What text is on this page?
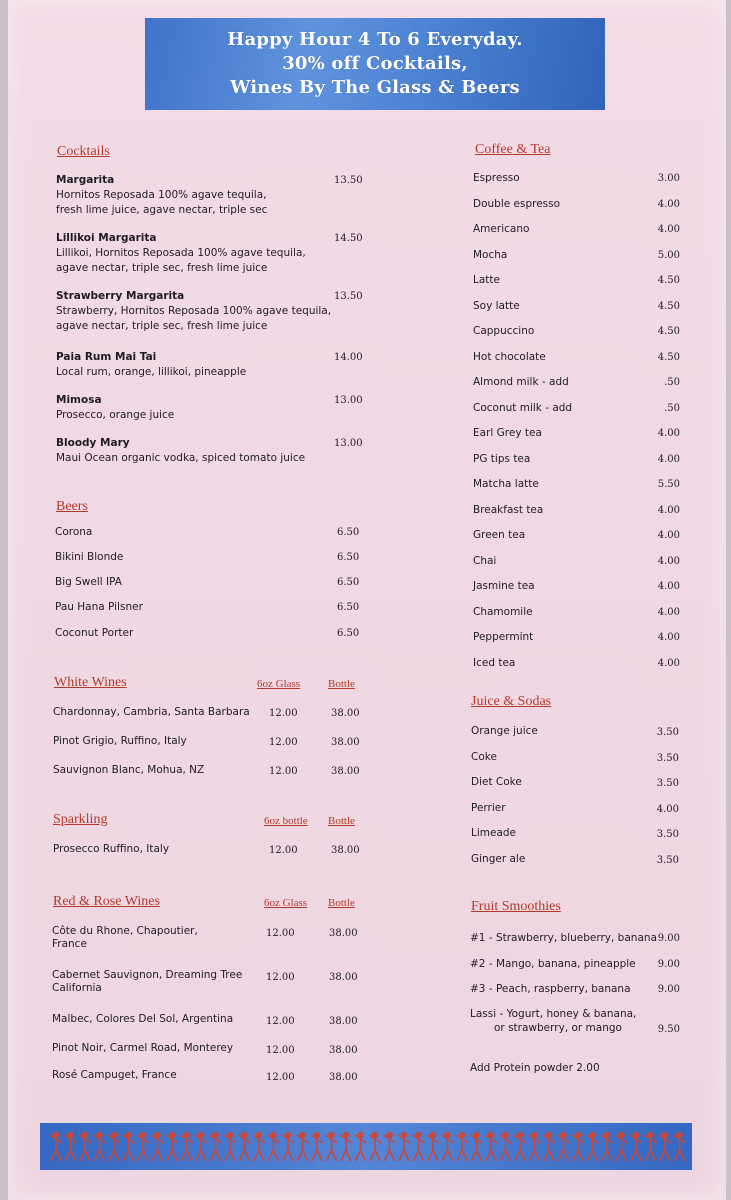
Happy Hour 4 To 6 Everyday.
30% off Cocktails,
Wines By The Glass & Beers
Cocktails
Margarita
Hornitos Reposada 100% agave tequila,
fresh lime juice, agave nectar, triple sec
13.50
Lillikoi Margarita
Lillikoi, Hornitos Reposada 100% agave tequila,
agave nectar, triple sec, fresh lime juice
14.50
Strawberry Margarita
Strawberry, Hornitos Reposada 100% agave tequila,
agave nectar, triple sec, fresh lime juice
13.50
Paia Rum Mai Tai
Local rum, orange, lillikoi, pineapple
14.00
Mimosa
Prosecco, orange juice
13.00
Bloody Mary
Maui Ocean organic vodka, spiced tomato juice
13.00
Beers
Corona	6.50
Bikini Blonde	6.50
Big Swell IPA	6.50
Pau Hana Pilsner	6.50
Coconut Porter	6.50
White Wines	6oz Glass	Bottle
Chardonnay, Cambria, Santa Barbara 12.00	38.00
Pinot Grigio, Ruffino, Italy	12.00	38.00
Sauvignon Blanc, Mohua, NZ	12.00	38.00
Sparkling	6oz bottle Bottle
Prosecco Ruffino, Italy	12.00	38.00
Red & Rose Wines	6oz Glass Bottle
Côte du Rhone, Chapoutier,
France
12.00	38.00
Cabernet Sauvignon, Dreaming Tree
California
12.00	38.00
Malbec, Colores Del Sol, Argentina	12.00	38.00
Pinot Noir, Carmel Road, Monterey	12.00	38.00
Rosé Campuget, France	12.00	38.00
Coffee & Tea
Espresso	3.00
Double espresso	4.00
Americano	4.00
Mocha	5.00
Latte	4.50
Soy latte	4.50
Cappuccino	4.50
Hot chocolate	4.50
Almond milk - add	.50
Coconut milk - add	.50
Earl Grey tea	4.00
PG tips tea	4.00
Matcha latte	5.50
Breakfast tea	4.00
Green tea	4.00
Chai	4.00
Jasmine tea	4.00
Chamomile	4.00
Peppermint	4.00
Iced tea	4.00
Juice & Sodas
Orange juice	3.50
Coke	3.50
Diet Coke	3.50
Perrier	4.00
Limeade	3.50
Ginger ale	3.50
Fruit Smoothies
#1 - Strawberry, blueberry, banana 9.00
#2 - Mango, banana, pineapple	9.00
#3 - Peach, raspberry, banana	9.00
Lassi - Yogurt, honey & banana,
or strawberry, or mango	9.50
Add Protein powder 2.00
